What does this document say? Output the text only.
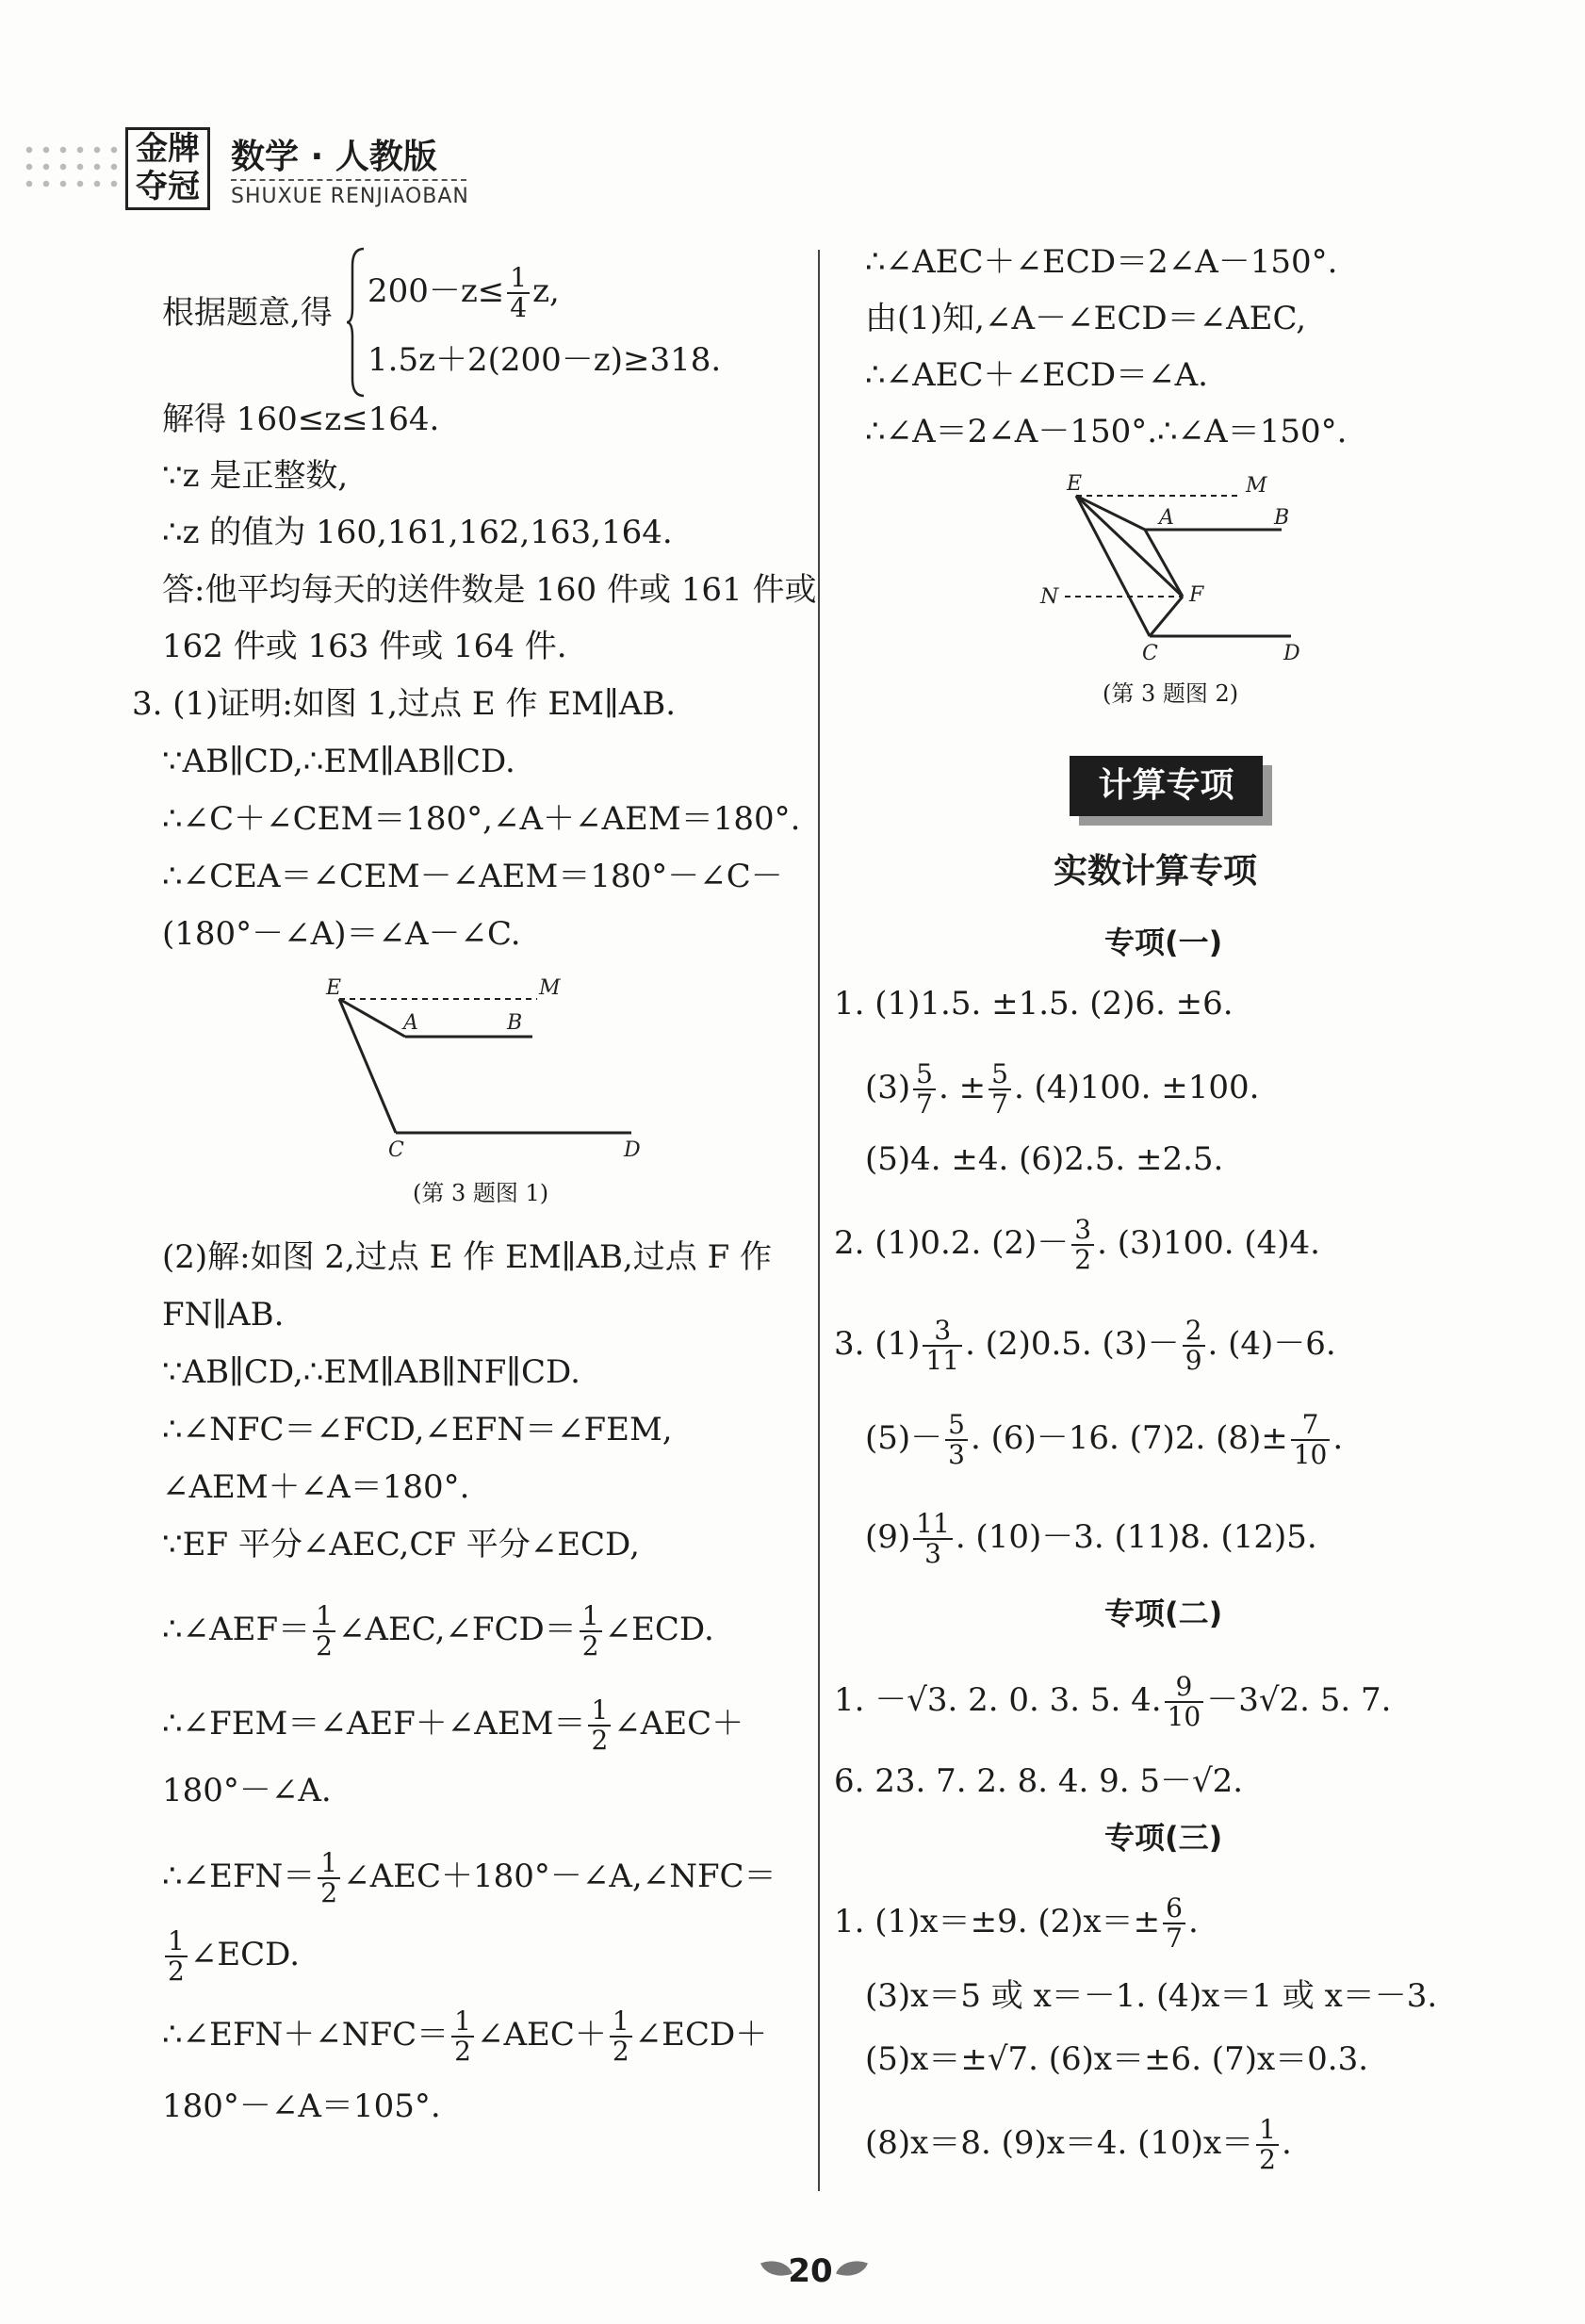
金牌
夺冠
数学 · 人教版
SHUXUE RENJIAOBAN
根据题意,得
$200-z\le \frac{1}{4} z$,
1.5z＋2(200－z)≥318.
解得 160≤z≤164.
∵z 是正整数,
∴z 的值为 160,161,162,163,164.
答:他平均每天的送件数是 160 件或 161 件或
162 件或 163 件或 164 件.
3. (1)证明:如图 1,过点 E 作 EM∥AB.
∵AB∥CD,∴EM∥AB∥CD.
∴∠C＋∠CEM＝180°,∠A＋∠AEM＝180°.
∴∠CEA＝∠CEM－∠AEM＝180°－∠C－
(180°－∠A)＝∠A－∠C.
E	M
A	B
C	D
(第 3 题图 1)
(2)解:如图 2,过点 E 作 EM∥AB,过点 F 作
FN∥AB.
∵AB∥CD,∴EM∥AB∥NF∥CD.
∴∠NFC＝∠FCD,∠EFN＝∠FEM,
∠AEM＋∠A＝180°.
∵EF 平分∠AEC,CF 平分∠ECD,
∴∠AEF＝ $\frac{1}{2}$ ∠AEC,∠FCD＝ $\frac{1}{2}$ ∠ECD.
∴∠FEM＝∠AEF＋∠AEM＝ $\frac{1}{2}$ ∠AEC＋
180°－∠A.
∴∠EFN＝ $\frac{1}{2}$ ∠AEC＋180°－∠A,∠NFC＝
$\frac{1}{2}$ ∠ECD.
∴∠EFN＋∠NFC＝ $\frac{1}{2}$ ∠AEC＋ $\frac{1}{2}$ ∠ECD＋
180°－∠A＝105°.
∴∠AEC＋∠ECD＝2∠A－150°.
由(1)知,∠A－∠ECD＝∠AEC,
∴∠AEC＋∠ECD＝∠A.
∴∠A＝2∠A－150°.∴∠A＝150°.
E	M
A	B
N	F
C	D
(第 3 题图 2)
计算专项
实数计算专项
专项(一)
1. (1)1.5. ±1.5. (2)6. ±6.
$(3) \frac{5}{7}$ . ± $\frac{5}{7}$ . (4)100. ±100.
(5)4. ±4. (6)2.5. ±2.5.
2. (1)0.2. $(2)- \frac{3}{2}$ . (3)100. (4)4.
3. $(1) \frac{3}{11}$ . (2)0.5. $(3)- \frac{2}{9}$ . (4)－6.
$(5)- \frac{5}{3}$ . (6)－16. (7)2. $(8)\pm \frac{7}{10}$ .
$(9) \frac{11}{3}$ . (10)－3. (11)8. (12)5.
专项(二)
1. －√3. 2. 0. 3. 5. 4. $\frac{9}{10} -3√2$. 5. 7.
6. 23. 7. 2. 8. 4. 9. 5－√2.
专项(三)
1. (1)x＝±9. $(2)x=\pm \frac{6}{7}$ .
(3)x＝5 或 x＝－1. (4)x＝1 或 x＝－3.
(5)x＝±√7. (6)x＝±6. (7)x＝0.3.
(8)x＝8. (9)x＝4. $(10)x= \frac{1}{2}$ .
20
